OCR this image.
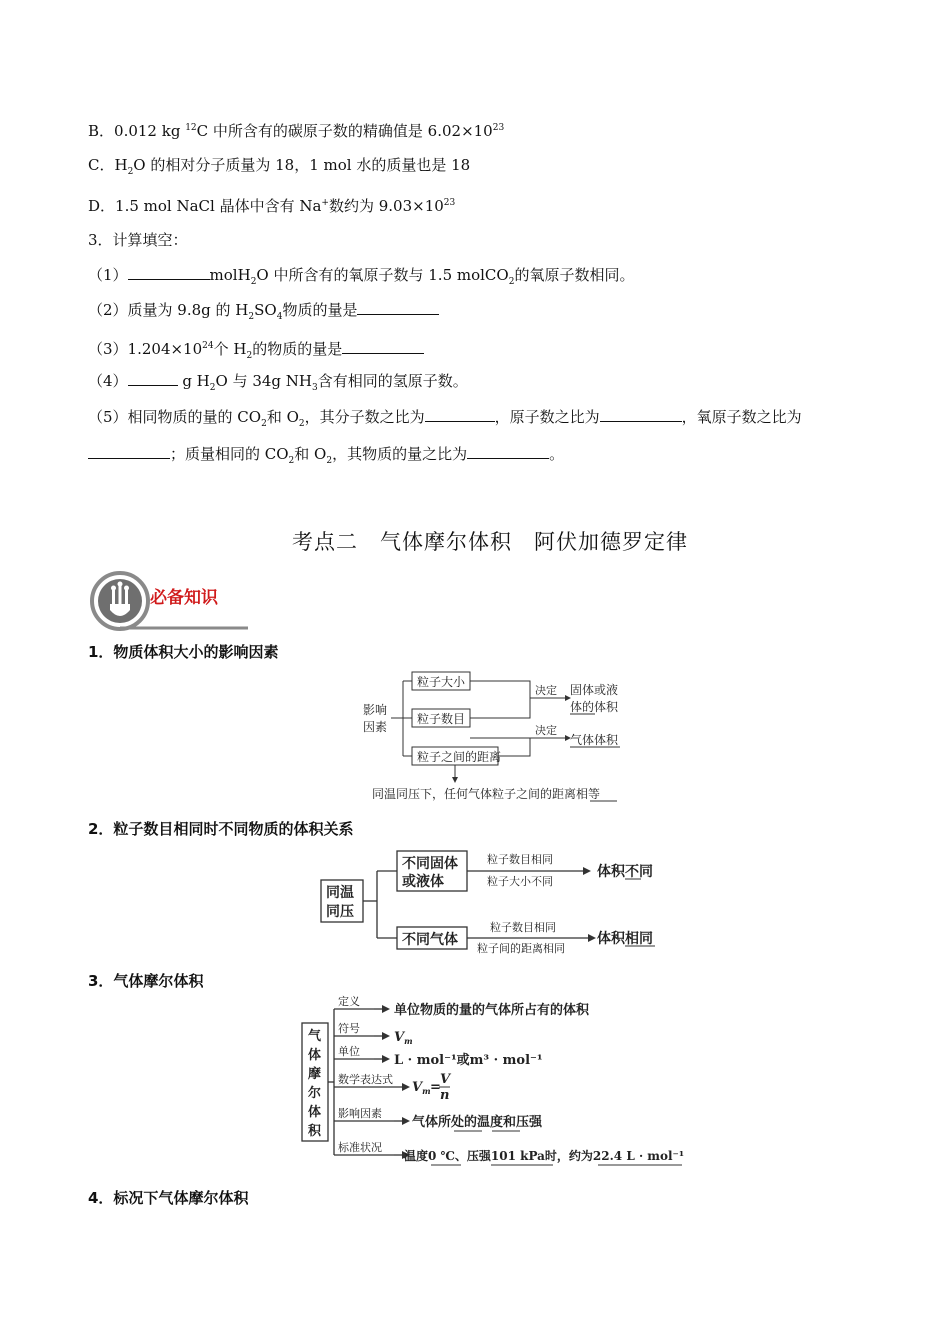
B．0.012 kg $^{12}$C 中所含有的碳原子数的精确值是 $6.02\times 10^{23}$
C．$H_2O$ 的相对分子质量为 18，1 mol 水的质量也是 18
D．1.5 mol NaCl 晶体中含有 Na+数约为 $9.03\times 10^{23}$
3．计算填空：
（1）	molH$_2$O 中所含有的氧原子数与 1.5 molCO$_2$的氧原子数相同。
（2）质量为 9.8g 的 $H_2SO_4$物质的量是
$(3)1.204\times 10^{24}$个 $H_2$的物质的量是
（4）	g $H_2O$ 与 34g $NH_3$含有相同的氢原子数。
（5）相同物质的量的 $CO_2$和 $O_2$，其分子数之比为	，原子数之比为	，氧原子数之比为
；质量相同的 $CO_2$和 $O_2$，其物质的量之比为	。
考点二　气体摩尔体积　阿伏加德罗定律
必备知识
1．物质体积大小的影响因素
影响
因素
粒子大小
粒子数目
粒子之间的距离
决定
决定
固体或液
体的体积
气体体积
同温同压下，任何气体粒子之间的距离相等
2．粒子数目相同时不同物质的体积关系
同温
同压
不同固体
或液体
不同气体
体积不同
体积相同
粒子数目相同
粒子大小不同
粒子数目相同
粒子间的距离相同
3．气体摩尔体积
气
体
摩
尔
体
积
定义
符号
单位
数学表达式
影响因素
标准状况
单位物质的量的气体所占有的体积
$V_m$
L · mol⁻¹或m³ · mol⁻¹
$V_m$ =
V
n
气体所处的温度和压强
温度0 ℃、压强101 kPa时，约为22.4 L · mol⁻¹
4．标况下气体摩尔体积
